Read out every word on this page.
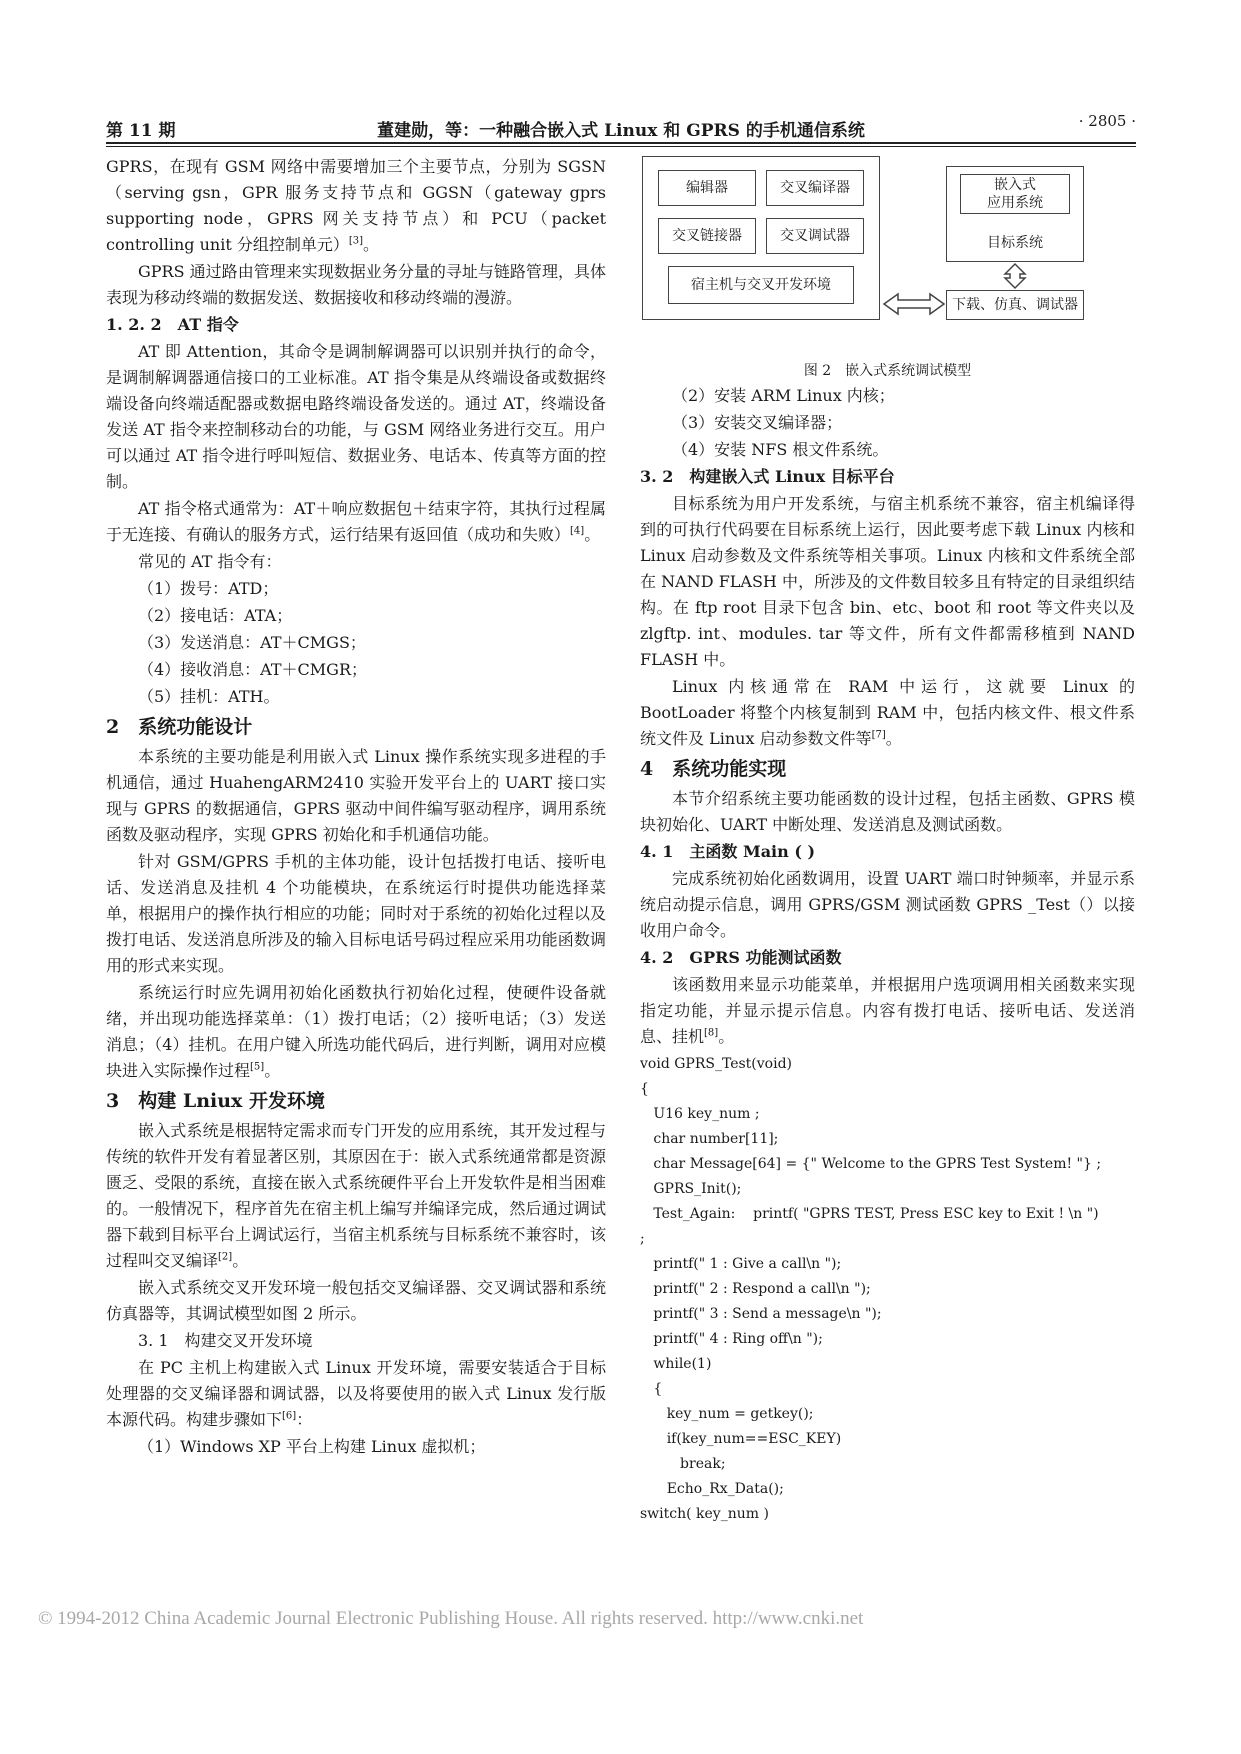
第 11 期	董建勋，等：一种融合嵌入式 Linux 和 GPRS 的手机通信系统	· 2805 ·

GPRS，在现有 GSM 网络中需要增加三个主要节点，分别为 SGSN（serving gsn，GPR 服务支持节点和 GGSN（gateway gprs supporting node，GPRS 网关支持节点）和 PCU（packet controlling unit 分组控制单元）[3]。

GPRS 通过路由管理来实现数据业务分量的寻址与链路管理，具体表现为移动终端的数据发送、数据接收和移动终端的漫游。

1. 2. 2　AT 指令

AT 即 Attention，其命令是调制解调器可以识别并执行的命令，是调制解调器通信接口的工业标准。AT 指令集是从终端设备或数据终端设备向终端适配器或数据电路终端设备发送的。通过 AT，终端设备发送 AT 指令来控制移动台的功能，与 GSM 网络业务进行交互。用户可以通过 AT 指令进行呼叫短信、数据业务、电话本、传真等方面的控制。

AT 指令格式通常为：AT＋响应数据包＋结束字符，其执行过程属于无连接、有确认的服务方式，运行结果有返回值（成功和失败）[4]。

常见的 AT 指令有：

（1）拨号：ATD；

（2）接电话：ATA；

（3）发送消息：AT＋CMGS；

（4）接收消息：AT＋CMGR；

（5）挂机：ATH。

2　系统功能设计

本系统的主要功能是利用嵌入式 Linux 操作系统实现多进程的手机通信，通过 HuahengARM2410 实验开发平台上的 UART 接口实现与 GPRS 的数据通信，GPRS 驱动中间件编写驱动程序，调用系统函数及驱动程序，实现 GPRS 初始化和手机通信功能。

针对 GSM/GPRS 手机的主体功能，设计包括拨打电话、接听电话、发送消息及挂机 4 个功能模块，在系统运行时提供功能选择菜单，根据用户的操作执行相应的功能；同时对于系统的初始化过程以及拨打电话、发送消息所涉及的输入目标电话号码过程应采用功能函数调用的形式来实现。

系统运行时应先调用初始化函数执行初始化过程，使硬件设备就绪，并出现功能选择菜单：（1）拨打电话；（2）接听电话；（3）发送消息；（4）挂机。在用户键入所选功能代码后，进行判断，调用对应模块进入实际操作过程[5]。

3　构建 Lniux 开发环境

嵌入式系统是根据特定需求而专门开发的应用系统，其开发过程与传统的软件开发有着显著区别，其原因在于：嵌入式系统通常都是资源匮乏、受限的系统，直接在嵌入式系统硬件平台上开发软件是相当困难的。一般情况下，程序首先在宿主机上编写并编译完成，然后通过调试器下载到目标平台上调试运行，当宿主机系统与目标系统不兼容时，该过程叫交叉编译[2]。

嵌入式系统交叉开发环境一般包括交叉编译器、交叉调试器和系统仿真器等，其调试模型如图 2 所示。

3. 1　构建交叉开发环境

在 PC 主机上构建嵌入式 Linux 开发环境，需要安装适合于目标处理器的交叉编译器和调试器，以及将要使用的嵌入式 Linux 发行版本源代码。构建步骤如下[6]：

（1）Windows XP 平台上构建 Linux 虚拟机；

编辑器	交叉编译器
交叉链接器	交叉调试器
宿主机与交叉开发环境
嵌入式
应用系统
目标系统
下载、仿真、调试器

图 2　嵌入式系统调试模型

（2）安装 ARM Linux 内核；

（3）安装交叉编译器；

（4）安装 NFS 根文件系统。

3. 2　构建嵌入式 Linux 目标平台

目标系统为用户开发系统，与宿主机系统不兼容，宿主机编译得到的可执行代码要在目标系统上运行，因此要考虑下载 Linux 内核和 Linux 启动参数及文件系统等相关事项。Linux 内核和文件系统全部在 NAND FLASH 中，所涉及的文件数目较多且有特定的目录组织结构。在 ftp root 目录下包含 bin、etc、boot 和 root 等文件夹以及 zlgftp. int、modules. tar 等文件，所有文件都需移植到 NAND FLASH 中。

Linux 内核通常在 RAM 中运行，这就要 Linux 的 BootLoader 将整个内核复制到 RAM 中，包括内核文件、根文件系统文件及 Linux 启动参数文件等[7]。

4　系统功能实现

本节介绍系统主要功能函数的设计过程，包括主函数、GPRS 模块初始化、UART 中断处理、发送消息及测试函数。

4. 1　主函数 Main ( )

完成系统初始化函数调用，设置 UART 端口时钟频率，并显示系统启动提示信息，调用 GPRS/GSM 测试函数 GPRS _Test（）以接收用户命令。

4. 2　GPRS 功能测试函数

该函数用来显示功能菜单，并根据用户选项调用相关函数来实现指定功能，并显示提示信息。内容有拨打电话、接听电话、发送消息、挂机[8]。

void GPRS_Test(void)
{
U16 key_num ;
char number[11];
char Message[64] = {" Welcome to the GPRS Test System! "} ;
GPRS_Init();
Test_Again:    printf( "GPRS TEST, Press ESC key to Exit ! \n ")
;
printf(" 1 : Give a call\n ");
printf(" 2 : Respond a call\n ");
printf(" 3 : Send a message\n ");
printf(" 4 : Ring off\n ");
while(1)
{
key_num = getkey();
if(key_num==ESC_KEY)
break;
Echo_Rx_Data();
switch( key_num )
© 1994-2012 China Academic Journal Electronic Publishing House. All rights reserved. http://www.cnki.net
